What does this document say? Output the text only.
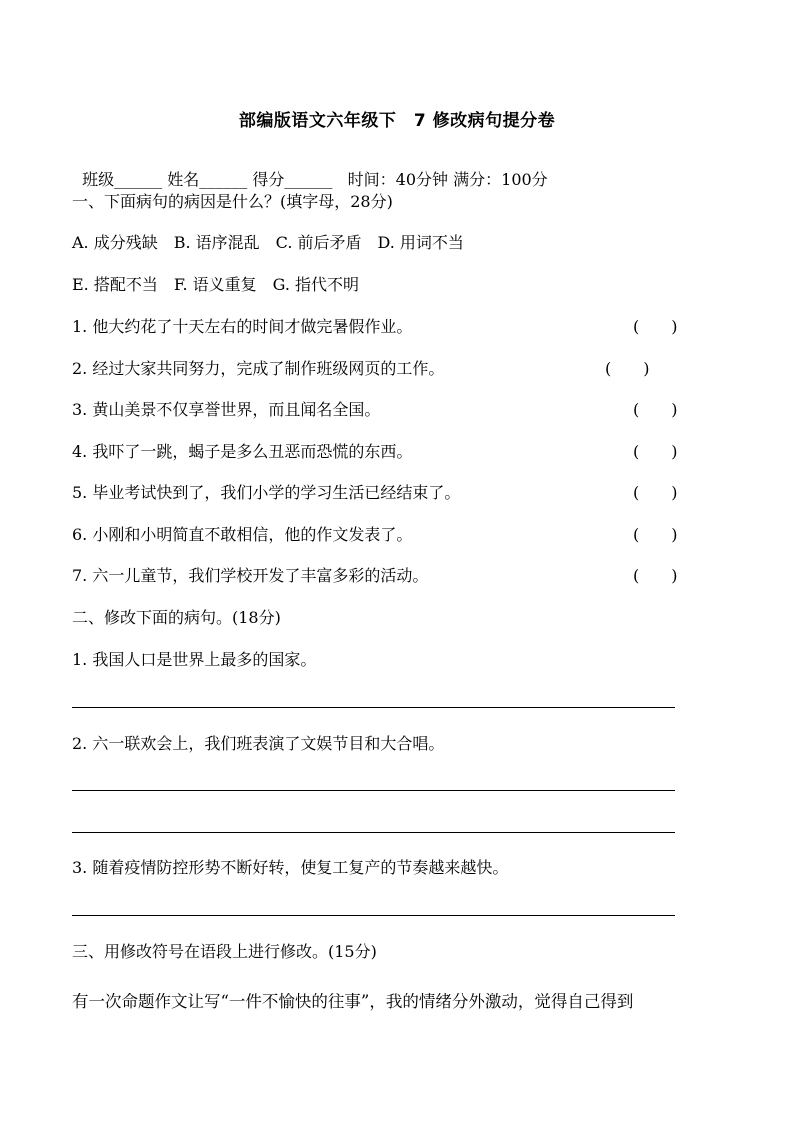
部编版语文六年级下　7 修改病句提分卷

班级______ 姓名______ 得分______ 时间：40分钟 满分：100分

一、下面病句的病因是什么？(填字母，28分)
A. 成分残缺　B. 语序混乱　C. 前后矛盾　D. 用词不当
E. 搭配不当　F. 语义重复　G. 指代不明
1. 他大约花了十天左右的时间才做完暑假作业。	(　　)
2. 经过大家共同努力，完成了制作班级网页的工作。	(　　)
3. 黄山美景不仅享誉世界，而且闻名全国。	(　　)
4. 我吓了一跳，蝎子是多么丑恶而恐慌的东西。	(　　)
5. 毕业考试快到了，我们小学的学习生活已经结束了。	(　　)
6. 小刚和小明简直不敢相信，他的作文发表了。	(　　)
7. 六一儿童节，我们学校开发了丰富多彩的活动。	(　　)
二、修改下面的病句。(18分)
1. 我国人口是世界上最多的国家。
2. 六一联欢会上，我们班表演了文娱节目和大合唱。
3. 随着疫情防控形势不断好转，使复工复产的节奏越来越快。
三、用修改符号在语段上进行修改。(15分)
有一次命题作文让写“一件不愉快的往事”，我的情绪分外激动，觉得自己得到
